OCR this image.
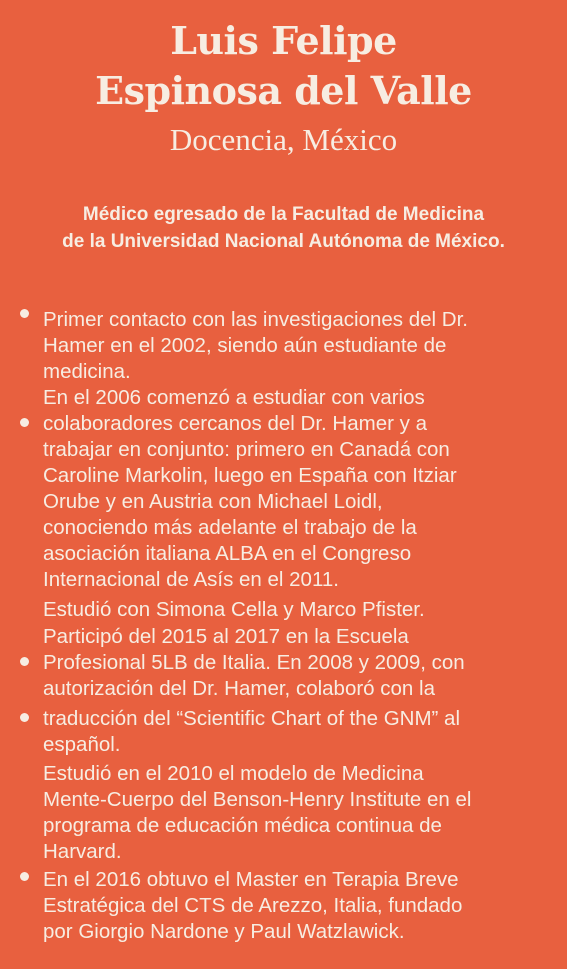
Luis Felipe
Espinosa del Valle
Docencia, México

Médico egresado de la Facultad de Medicina

de la Universidad Nacional Autónoma de México.

Primer contacto con las investigaciones del Dr.

Hamer en el 2002, siendo aún estudiante de

medicina.

En el 2006 comenzó a estudiar con varios

colaboradores cercanos del Dr. Hamer y a

trabajar en conjunto: primero en Canadá con

Caroline Markolin, luego en España con Itziar

Orube y en Austria con Michael Loidl,

conociendo más adelante el trabajo de la

asociación italiana ALBA en el Congreso

Internacional de Asís en el 2011.

Estudió con Simona Cella y Marco Pfister.

Participó del 2015 al 2017 en la Escuela

Profesional 5LB de Italia. En 2008 y 2009, con

autorización del Dr. Hamer, colaboró con la

traducción del “Scientific Chart of the GNM” al

español.

Estudió en el 2010 el modelo de Medicina

Mente-Cuerpo del Benson-Henry Institute en el

programa de educación médica continua de

Harvard.

En el 2016 obtuvo el Master en Terapia Breve

Estratégica del CTS de Arezzo, Italia, fundado

por Giorgio Nardone y Paul Watzlawick.
